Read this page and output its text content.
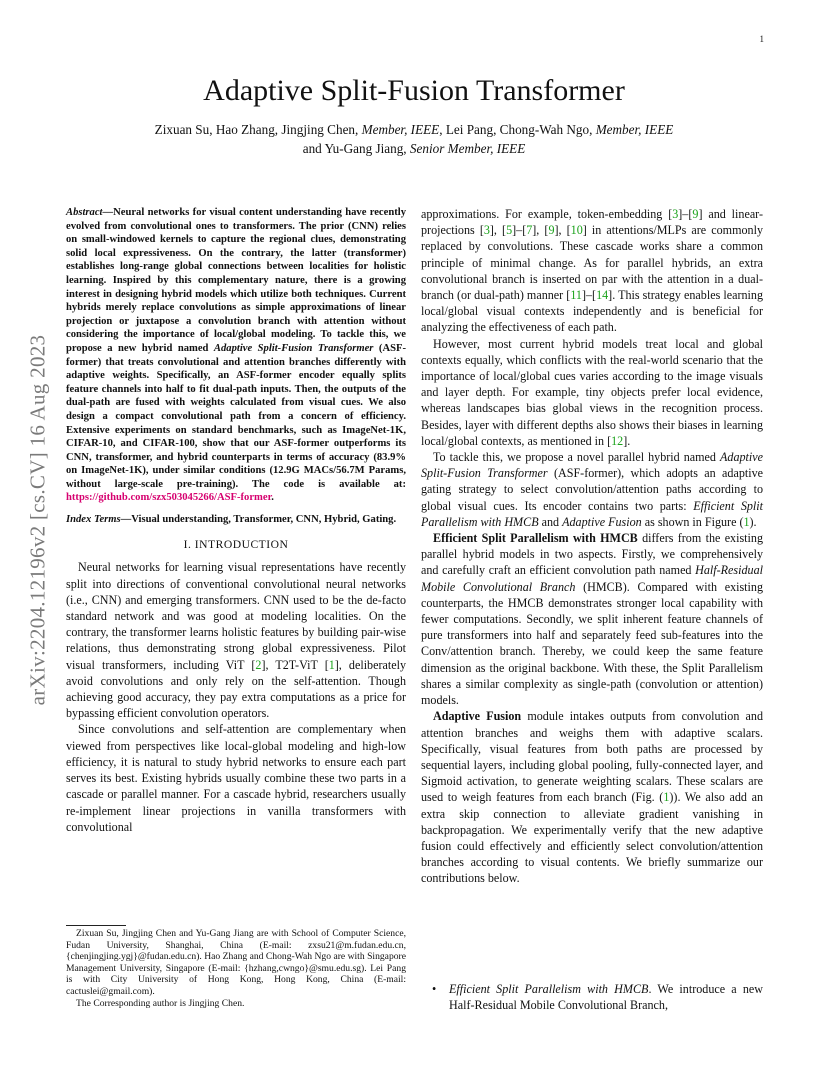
1
arXiv:2204.12196v2 [cs.CV] 16 Aug 2023
Adaptive Split-Fusion Transformer
Zixuan Su, Hao Zhang, Jingjing Chen, Member, IEEE, Lei Pang, Chong-Wah Ngo, Member, IEEE
and Yu-Gang Jiang, Senior Member, IEEE

Abstract—Neural networks for visual content understanding have recently evolved from convolutional ones to transformers. The prior (CNN) relies on small-windowed kernels to capture the regional clues, demonstrating solid local expressiveness. On the contrary, the latter (transformer) establishes long-range global connections between localities for holistic learning. Inspired by this complementary nature, there is a growing interest in designing hybrid models which utilize both techniques. Current hybrids merely replace convolutions as simple approximations of linear projection or juxtapose a convolution branch with attention without considering the importance of local/global modeling. To tackle this, we propose a new hybrid named Adaptive Split-Fusion Transformer (ASF-former) that treats convolutional and attention branches differently with adaptive weights. Specifically, an ASF-former encoder equally splits feature channels into half to fit dual-path inputs. Then, the outputs of the dual-path are fused with weights calculated from visual cues. We also design a compact convolutional path from a concern of efficiency. Extensive experiments on standard benchmarks, such as ImageNet-1K, CIFAR-10, and CIFAR-100, show that our ASF-former outperforms its CNN, transformer, and hybrid counterparts in terms of accuracy (83.9% on ImageNet-1K), under similar conditions (12.9G MACs/56.7M Params, without large-scale pre-training). The code is available at: https://github.com/szx503045266/ASF-former.

Index Terms—Visual understanding, Transformer, CNN, Hybrid, Gating.

I. INTRODUCTION

Neural networks for learning visual representations have recently split into directions of conventional convolutional neural networks (i.e., CNN) and emerging transformers. CNN used to be the de-facto standard network and was good at modeling localities. On the contrary, the transformer learns holistic features by building pair-wise relations, thus demonstrating strong global expressiveness. Pilot visual transformers, including ViT [2], T2T-ViT [1], deliberately avoid convolutions and only rely on the self-attention. Though achieving good accuracy, they pay extra computations as a price for bypassing efficient convolution operators.

Since convolutions and self-attention are complementary when viewed from perspectives like local-global modeling and high-low efficiency, it is natural to study hybrid networks to ensure each part serves its best. Existing hybrids usually combine these two parts in a cascade or parallel manner. For a cascade hybrid, researchers usually re-implement linear projections in vanilla transformers with convolutional

Zixuan Su, Jingjing Chen and Yu-Gang Jiang are with School of Computer Science, Fudan University, Shanghai, China (E-mail: zxsu21@m.fudan.edu.cn, {chenjingjing.ygj}@fudan.edu.cn). Hao Zhang and Chong-Wah Ngo are with Singapore Management University, Singapore (E-mail: {hzhang,cwngo}@smu.edu.sg). Lei Pang is with City University of Hong Kong, Hong Kong, China (E-mail: cactuslei@gmail.com).

The Corresponding author is Jingjing Chen.

approximations. For example, token-embedding [3]–[9] and linear-projections [3], [5]–[7], [9], [10] in attentions/MLPs are commonly replaced by convolutions. These cascade works share a common principle of minimal change. As for parallel hybrids, an extra convolutional branch is inserted on par with the attention in a dual-branch (or dual-path) manner [11]–[14]. This strategy enables learning local/global visual contexts independently and is beneficial for analyzing the effectiveness of each path.

However, most current hybrid models treat local and global contexts equally, which conflicts with the real-world scenario that the importance of local/global cues varies according to the image visuals and layer depth. For example, tiny objects prefer local evidence, whereas landscapes bias global views in the recognition process. Besides, layer with different depths also shows their biases in learning local/global contexts, as mentioned in [12].

To tackle this, we propose a novel parallel hybrid named Adaptive Split-Fusion Transformer (ASF-former), which adopts an adaptive gating strategy to select convolution/attention paths according to global visual cues. Its encoder contains two parts: Efficient Split Parallelism with HMCB and Adaptive Fusion as shown in Figure (1).

Efficient Split Parallelism with HMCB differs from the existing parallel hybrid models in two aspects. Firstly, we comprehensively and carefully craft an efficient convolution path named Half-Residual Mobile Convolutional Branch (HMCB). Compared with existing counterparts, the HMCB demonstrates stronger local capability with fewer computations. Secondly, we split inherent feature channels of pure transformers into half and separately feed sub-features into the Conv/attention branch. Thereby, we could keep the same feature dimension as the original backbone. With these, the Split Parallelism shares a similar complexity as single-path (convolution or attention) models.

Adaptive Fusion module intakes outputs from convolution and attention branches and weighs them with adaptive scalars. Specifically, visual features from both paths are processed by sequential layers, including global pooling, fully-connected layer, and Sigmoid activation, to generate weighting scalars. These scalars are used to weigh features from each branch (Fig. (1)). We also add an extra skip connection to alleviate gradient vanishing in backpropagation. We experimentally verify that the new adaptive fusion could effectively and efficiently select convolution/attention branches according to visual contents. We briefly summarize our contributions below.

•	Efficient Split Parallelism with HMCB. We introduce a new Half-Residual Mobile Convolutional Branch,
